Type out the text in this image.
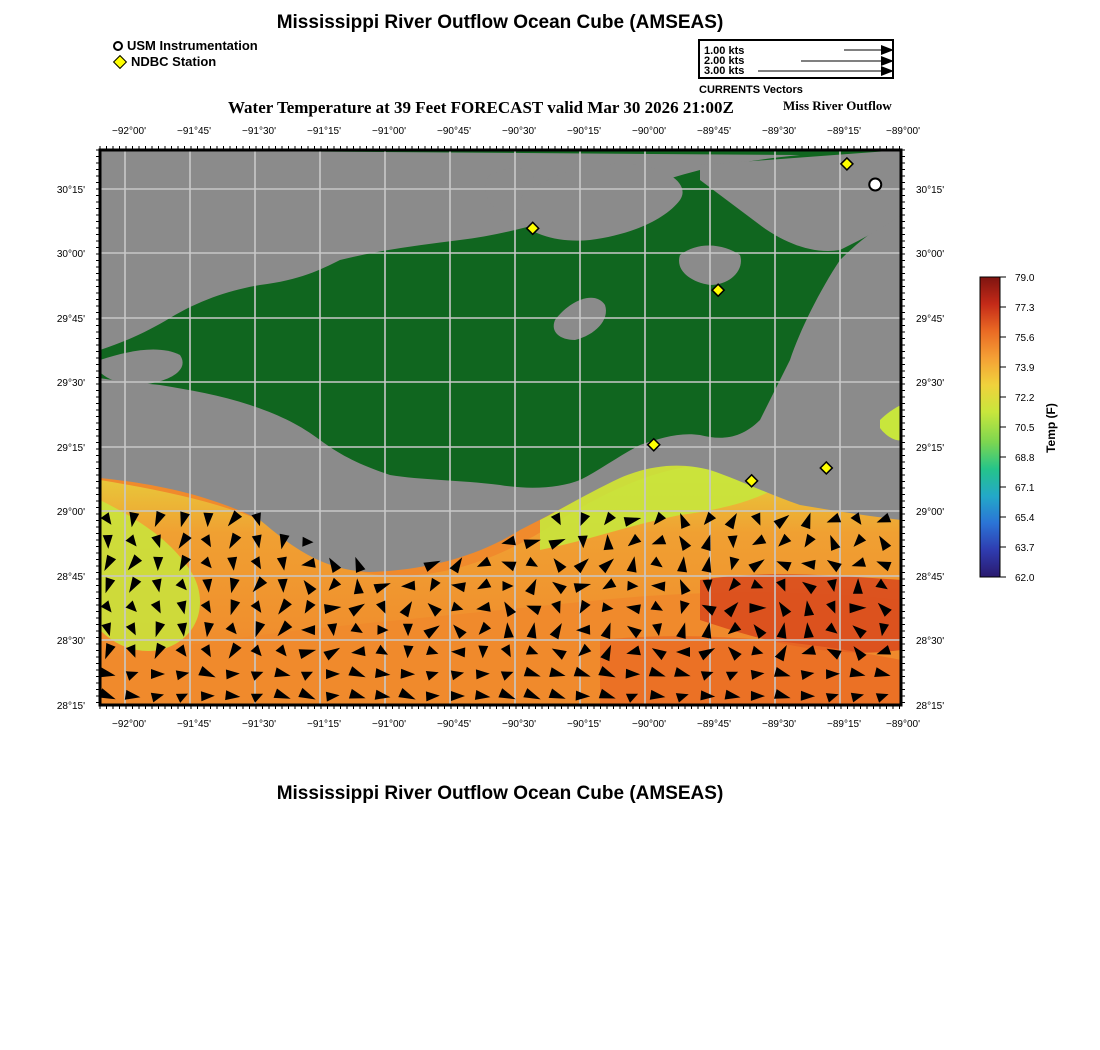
Mississippi River Outflow Ocean Cube (AMSEAS)
USM Instrumentation
NDBC Station
1.00 kts
2.00 kts
3.00 kts
CURRENTS Vectors
Water Temperature at 39 Feet FORECAST valid Mar 30 2026 21:00Z	Miss River Outflow
−92°00'	−91°45'	−91°30'	−91°15'	−91°00'	−90°45'	−90°30'	−90°15'	−90°00'	−89°45'	−89°30'	−89°15'	−89°00'
−92°00'	−91°45'	−91°30'	−91°15'	−91°00'	−90°45'	−90°30'	−90°15'	−90°00'	−89°45'	−89°30'	−89°15'	−89°00'
30°15'
30°00'
29°45'
29°30'
29°15'
29°00'
28°45'
28°30'
28°15'
30°15'
30°00'
29°45'
29°30'
29°15'
29°00'
28°45'
28°30'
28°15'
79.0
77.3
75.6
73.9
72.2
70.5
68.8
67.1
65.4
63.7
62.0
Temp (F)
Mississippi River Outflow Ocean Cube (AMSEAS)
